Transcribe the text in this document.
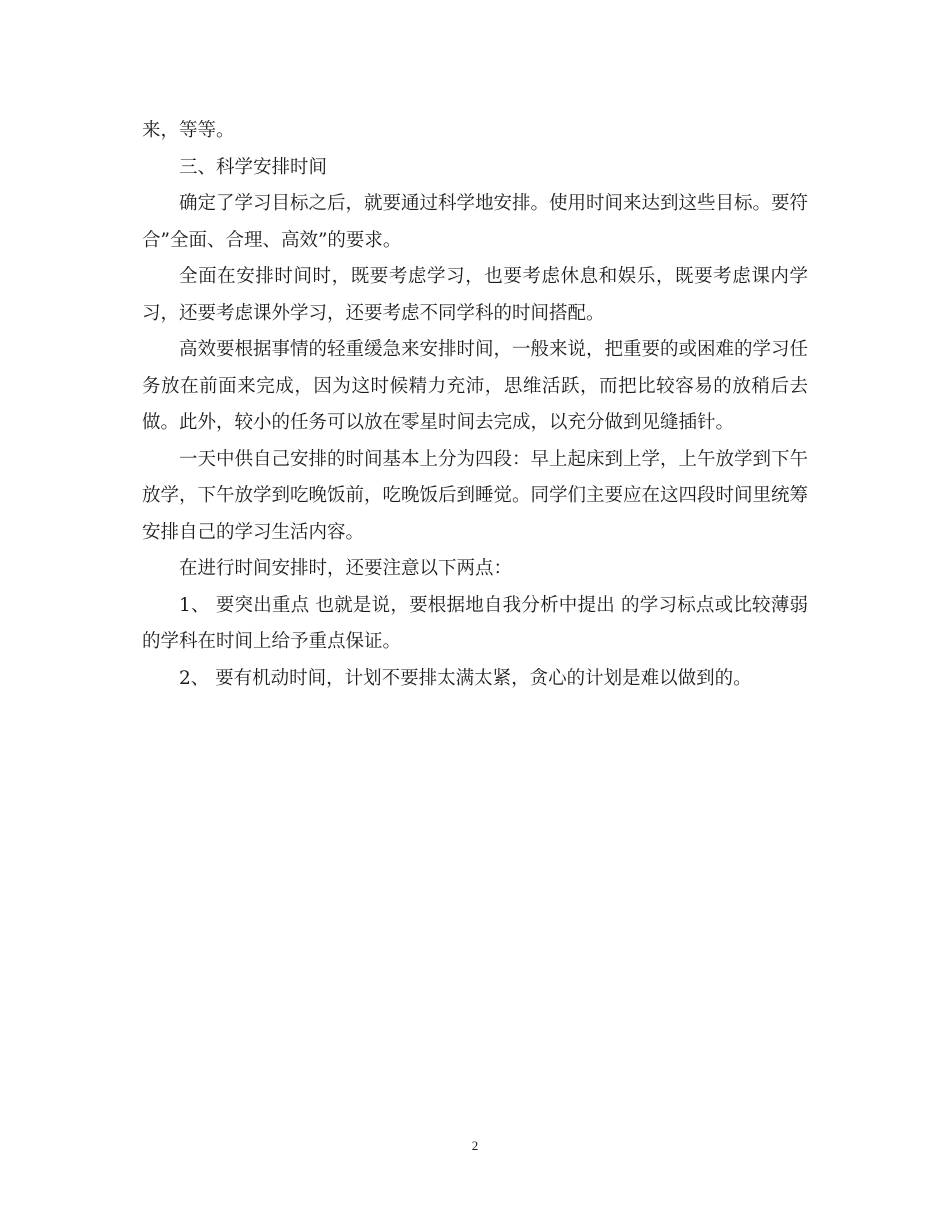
来，等等。

三、科学安排时间

确定了学习目标之后，就要通过科学地安排。使用时间来达到这些目标。要符合”全面、合理、高效”的要求。

全面在安排时间时，既要考虑学习，也要考虑休息和娱乐，既要考虑课内学习，还要考虑课外学习，还要考虑不同学科的时间搭配。

高效要根据事情的轻重缓急来安排时间，一般来说，把重要的或困难的学习任务放在前面来完成，因为这时候精力充沛，思维活跃，而把比较容易的放稍后去做。此外，较小的任务可以放在零星时间去完成，以充分做到见缝插针。

一天中供自己安排的时间基本上分为四段：早上起床到上学，上午放学到下午放学，下午放学到吃晚饭前，吃晚饭后到睡觉。同学们主要应在这四段时间里统筹安排自己的学习生活内容。

在进行时间安排时，还要注意以下两点：

1、 要突出重点 也就是说，要根据地自我分析中提出 的学习标点或比较薄弱的学科在时间上给予重点保证。

2、 要有机动时间，计划不要排太满太紧，贪心的计划是难以做到的。

2
